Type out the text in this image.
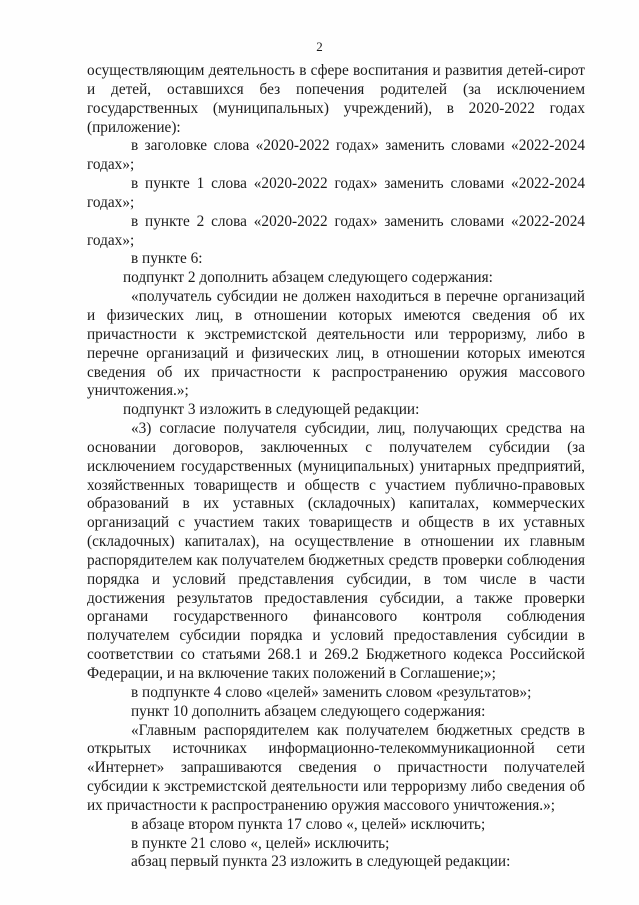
2

осуществляющим деятельность в сфере воспитания и развития детей-сирот и детей, оставшихся без попечения родителей (за исключением государственных (муниципальных) учреждений), в 2020-2022 годах (приложение):

в заголовке слова «2020-2022 годах» заменить словами «2022-2024 годах»;

в пункте 1 слова «2020-2022 годах» заменить словами «2022-2024 годах»;

в пункте 2 слова «2020-2022 годах» заменить словами «2022-2024 годах»;

в пункте 6:

подпункт 2 дополнить абзацем следующего содержания:

«получатель субсидии не должен находиться в перечне организаций и физических лиц, в отношении которых имеются сведения об их причастности к экстремистской деятельности или терроризму, либо в перечне организаций и физических лиц, в отношении которых имеются сведения об их причастности к распространению оружия массового уничтожения.»;

подпункт 3 изложить в следующей редакции:

«3) согласие получателя субсидии, лиц, получающих средства на основании договоров, заключенных с получателем субсидии (за исключением государственных (муниципальных) унитарных предприятий, хозяйственных товариществ и обществ с участием публично-правовых образований в их уставных (складочных) капиталах, коммерческих организаций с участием таких товариществ и обществ в их уставных (складочных) капиталах), на осуществление в отношении их главным распорядителем как получателем бюджетных средств проверки соблюдения порядка и условий представления субсидии, в том числе в части достижения результатов предоставления субсидии, а также проверки органами государственного финансового контроля соблюдения получателем субсидии порядка и условий предоставления субсидии в соответствии со статьями 268.1 и 269.2 Бюджетного кодекса Российской Федерации, и на включение таких положений в Соглашение;»;

в подпункте 4 слово «целей» заменить словом «результатов»;

пункт 10 дополнить абзацем следующего содержания:

«Главным распорядителем как получателем бюджетных средств в открытых источниках информационно-телекоммуникационной сети «Интернет» запрашиваются сведения о причастности получателей субсидии к экстремистской деятельности или терроризму либо сведения об их причастности к распространению оружия массового уничтожения.»;

в абзаце втором пункта 17 слово «, целей» исключить;

в пункте 21 слово «, целей» исключить;

абзац первый пункта 23 изложить в следующей редакции:
